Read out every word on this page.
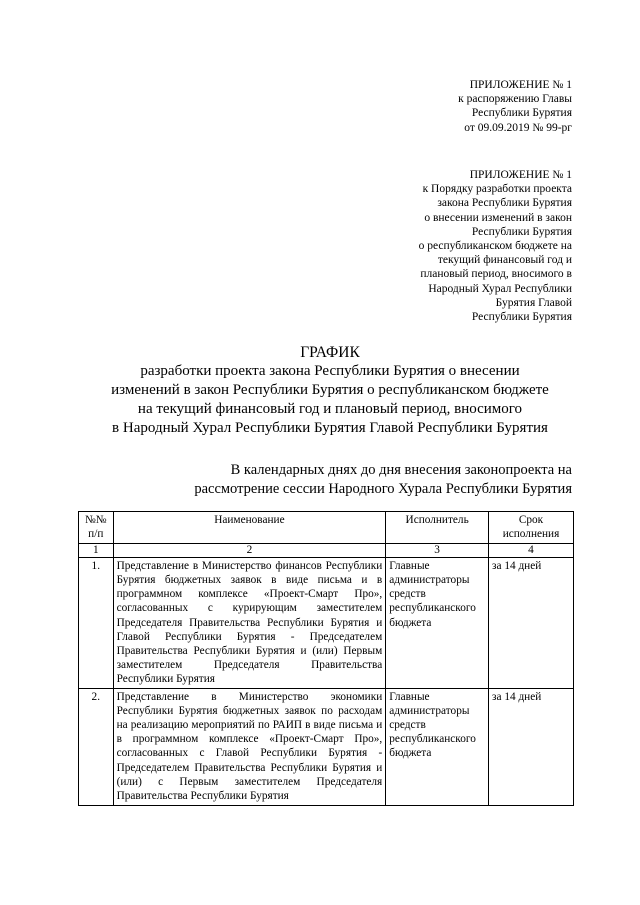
ПРИЛОЖЕНИЕ № 1
к распоряжению Главы
Республики Бурятия
от 09.09.2019 № 99-рг
ПРИЛОЖЕНИЕ № 1
к Порядку разработки проекта
закона Республики Бурятия
о внесении изменений в закон
Республики Бурятия
о республиканском бюджете на
текущий финансовый год и
плановый период, вносимого в
Народный Хурал Республики
Бурятия Главой
Республики Бурятия
ГРАФИК
разработки проекта закона Республики Бурятия о внесении
изменений в закон Республики Бурятия о республиканском бюджете
на текущий финансовый год и плановый период, вносимого
в Народный Хурал Республики Бурятия Главой Республики Бурятия
В календарных днях до дня внесения законопроекта на
рассмотрение сессии Народного Хурала Республики Бурятия
№№ п/п	Наименование	Исполнитель	Срок исполнения
1	2	3	4
1.	Представление в Министерство финансов Республики Бурятия бюджетных заявок в виде письма и в программном комплексе «Проект-Смарт Про», согласованных с курирующим заместителем Председателя Правительства Республики Бурятия и Главой Республики Бурятия - Председателем Правительства Республики Бурятия и (или) Первым заместителем Председателя Правительства Республики Бурятия	Главные администраторы средств республиканского бюджета	за 14 дней
2.	Представление в Министерство экономики Республики Бурятия бюджетных заявок по расходам на реализацию мероприятий по РАИП в виде письма и в программном комплексе «Проект-Смарт Про», согласованных с Главой Республики Бурятия - Председателем Правительства Республики Бурятия и (или) с Первым заместителем Председателя Правительства Республики Бурятия	Главные администраторы средств республиканского бюджета	за 14 дней
